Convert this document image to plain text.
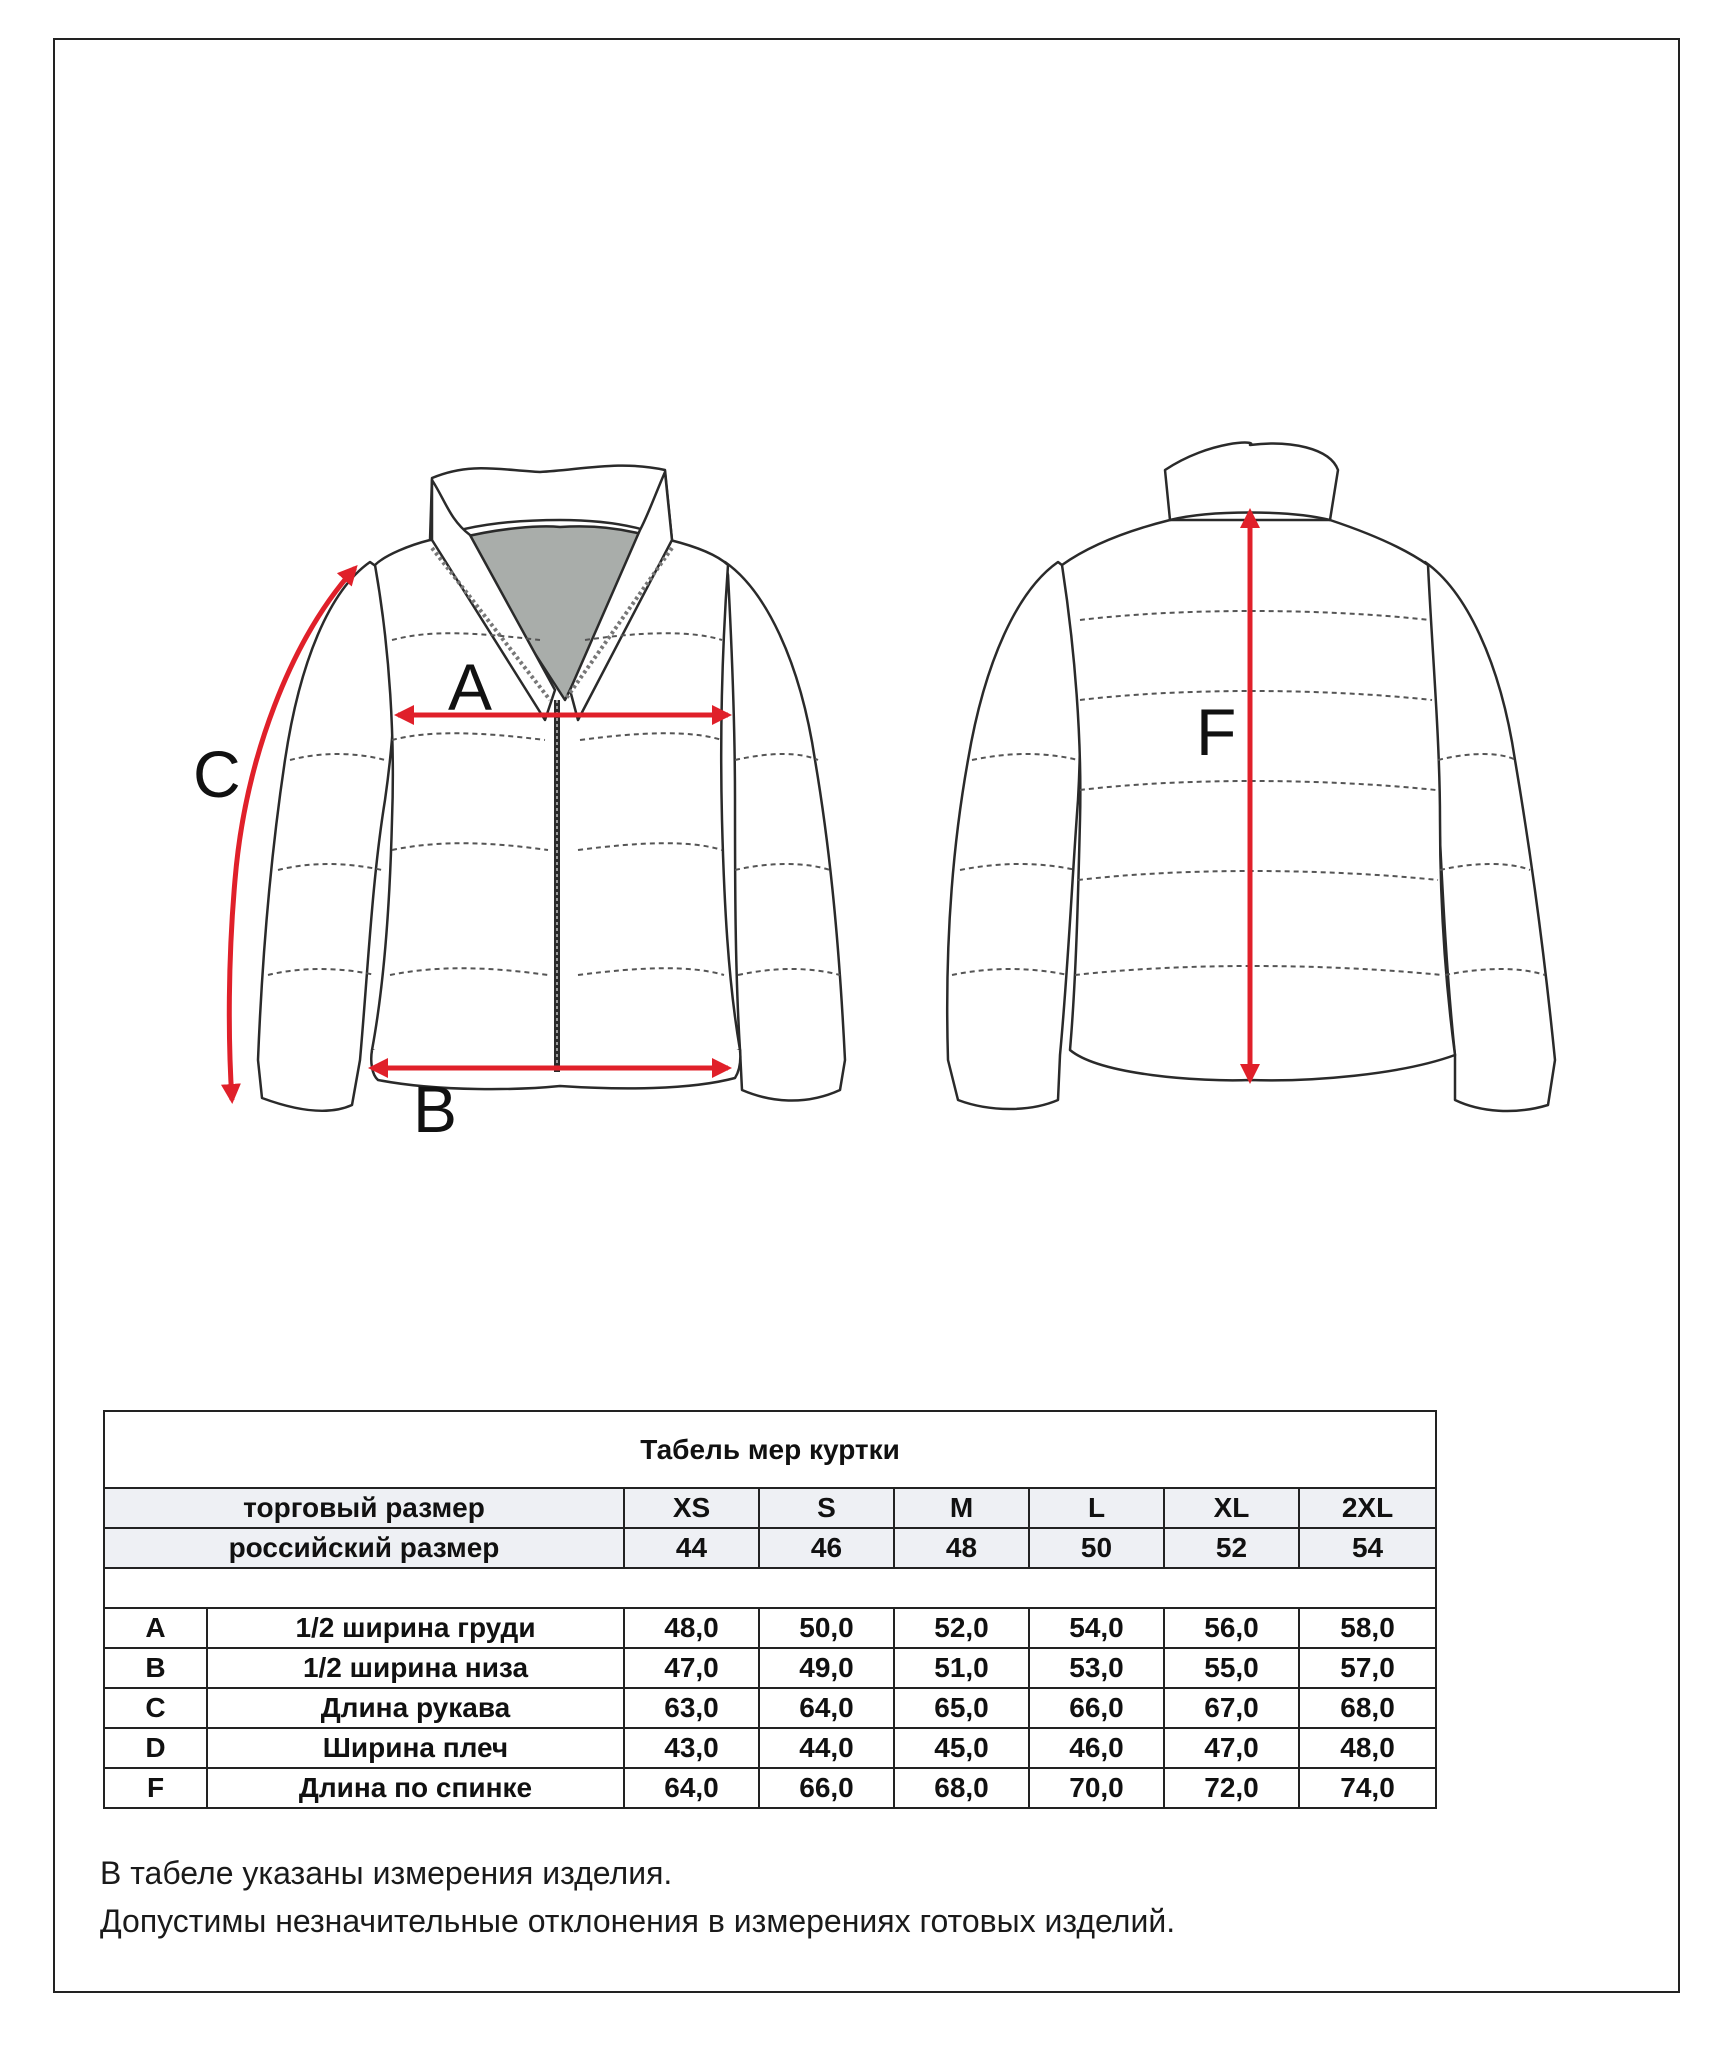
A
B
C
F
Табель мер куртки							
торговый размер		XS	S	M	L	XL	2XL
российский размер		44	46	48	50	52	54

A	1/2 ширина груди	48,0	50,0	52,0	54,0	56,0	58,0
B	1/2 ширина низа	47,0	49,0	51,0	53,0	55,0	57,0
C	Длина рукава	63,0	64,0	65,0	66,0	67,0	68,0
D	Ширина плеч	43,0	44,0	45,0	46,0	47,0	48,0
F	Длина по спинке	64,0	66,0	68,0	70,0	72,0	74,0
В табеле указаны измерения изделия.
Допустимы незначительные отклонения в измерениях готовых изделий.
